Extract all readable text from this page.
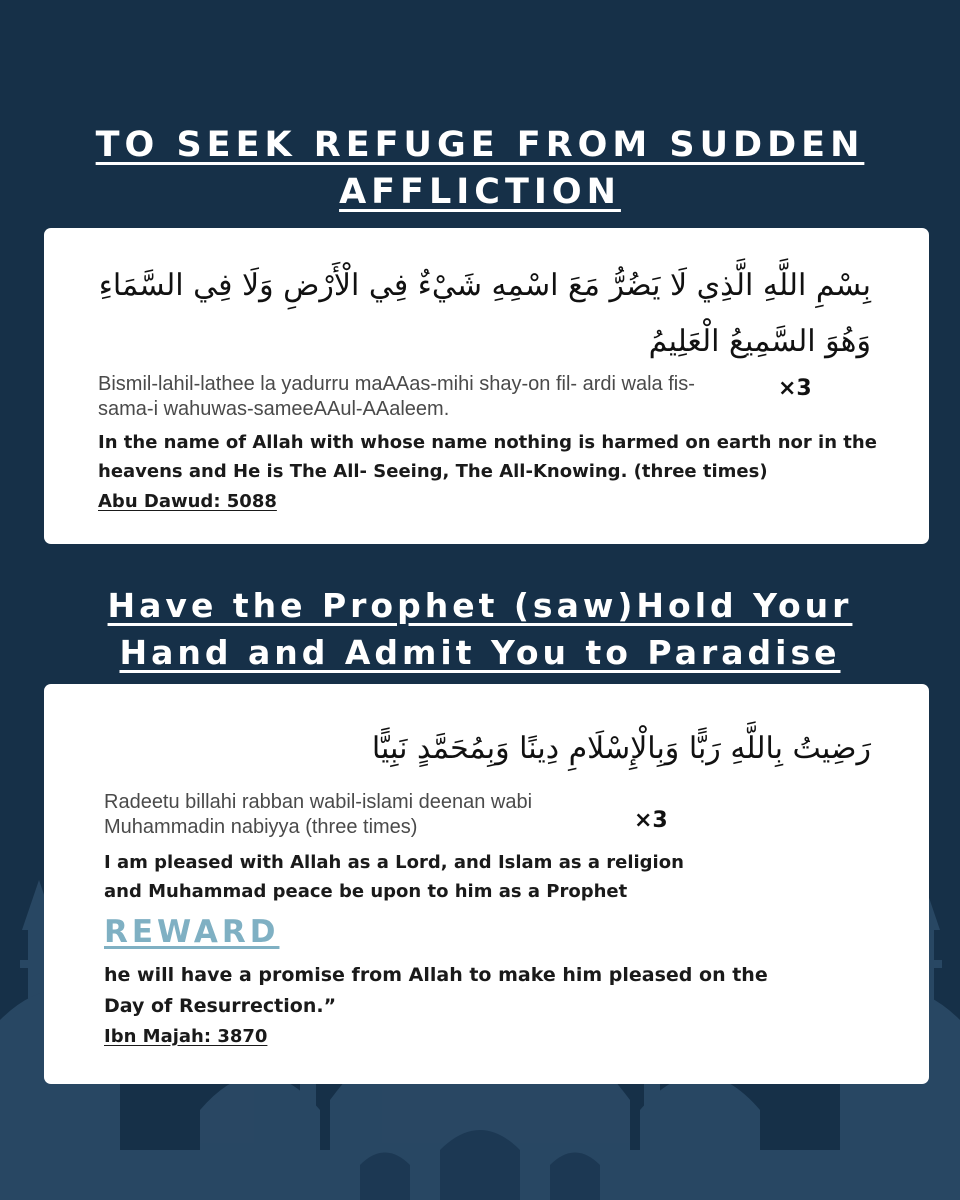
TO SEEK REFUGE FROM SUDDEN
AFFLICTION
بِسْمِ اللَّهِ الَّذِي لَا يَضُرُّ مَعَ اسْمِهِ شَيْءٌ فِي الْأَرْضِ وَلَا فِي السَّمَاءِ وَهُوَ السَّمِيعُ الْعَلِيمُ
Bismil-lahil-lathee la yadurru maAAas-mihi shay-on fil- ardi wala fis-sama-i wahuwas-sameeAAul-AAaleem.
×3
In the name of Allah with whose name nothing is harmed on earth nor in the heavens and He is The All- Seeing, The All-Knowing. (three times)
Abu Dawud: 5088
Have the Prophet (saw)Hold Your
Hand and Admit You to Paradise
رَضِيتُ بِاللَّهِ رَبًّا وَبِالْإِسْلَامِ دِينًا وَبِمُحَمَّدٍ نَبِيًّا
Radeetu billahi rabban wabil-islami deenan wabi Muhammadin nabiyya (three times)	×3
I am pleased with Allah as a Lord, and Islam as a religion and Muhammad peace be upon to him as a Prophet
REWARD
he will have a promise from Allah to make him pleased on the Day of Resurrection.”
Ibn Majah: 3870
